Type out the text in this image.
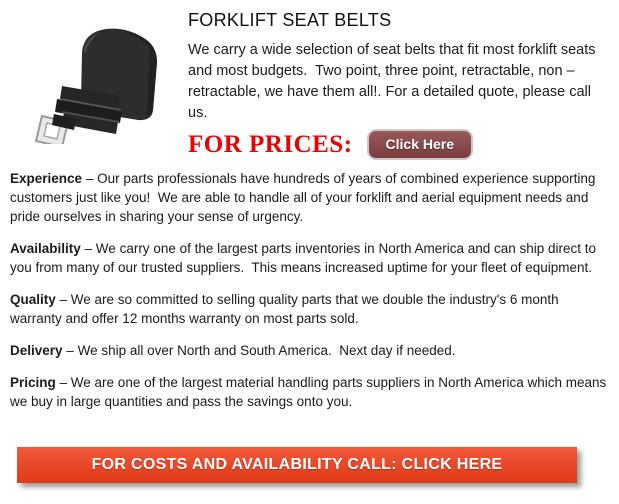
FORKLIFT SEAT BELTS

We carry a wide selection of seat belts that fit most forklift seats and most budgets.  Two point, three point, retractable, non – retractable, we have them all!. For a detailed quote, please call us.

FOR PRICES:	Click Here

Experience – Our parts professionals have hundreds of years of combined experience supporting customers just like you!  We are able to handle all of your forklift and aerial equipment needs and pride ourselves in sharing your sense of urgency.

Availability – We carry one of the largest parts inventories in North America and can ship direct to you from many of our trusted suppliers.  This means increased uptime for your fleet of equipment.

Quality – We are so committed to selling quality parts that we double the industry's 6 month warranty and offer 12 months warranty on most parts sold.

Delivery – We ship all over North and South America.  Next day if needed.

Pricing – We are one of the largest material handling parts suppliers in North America which means we buy in large quantities and pass the savings onto you.

FOR COSTS AND AVAILABILITY CALL: CLICK HERE
